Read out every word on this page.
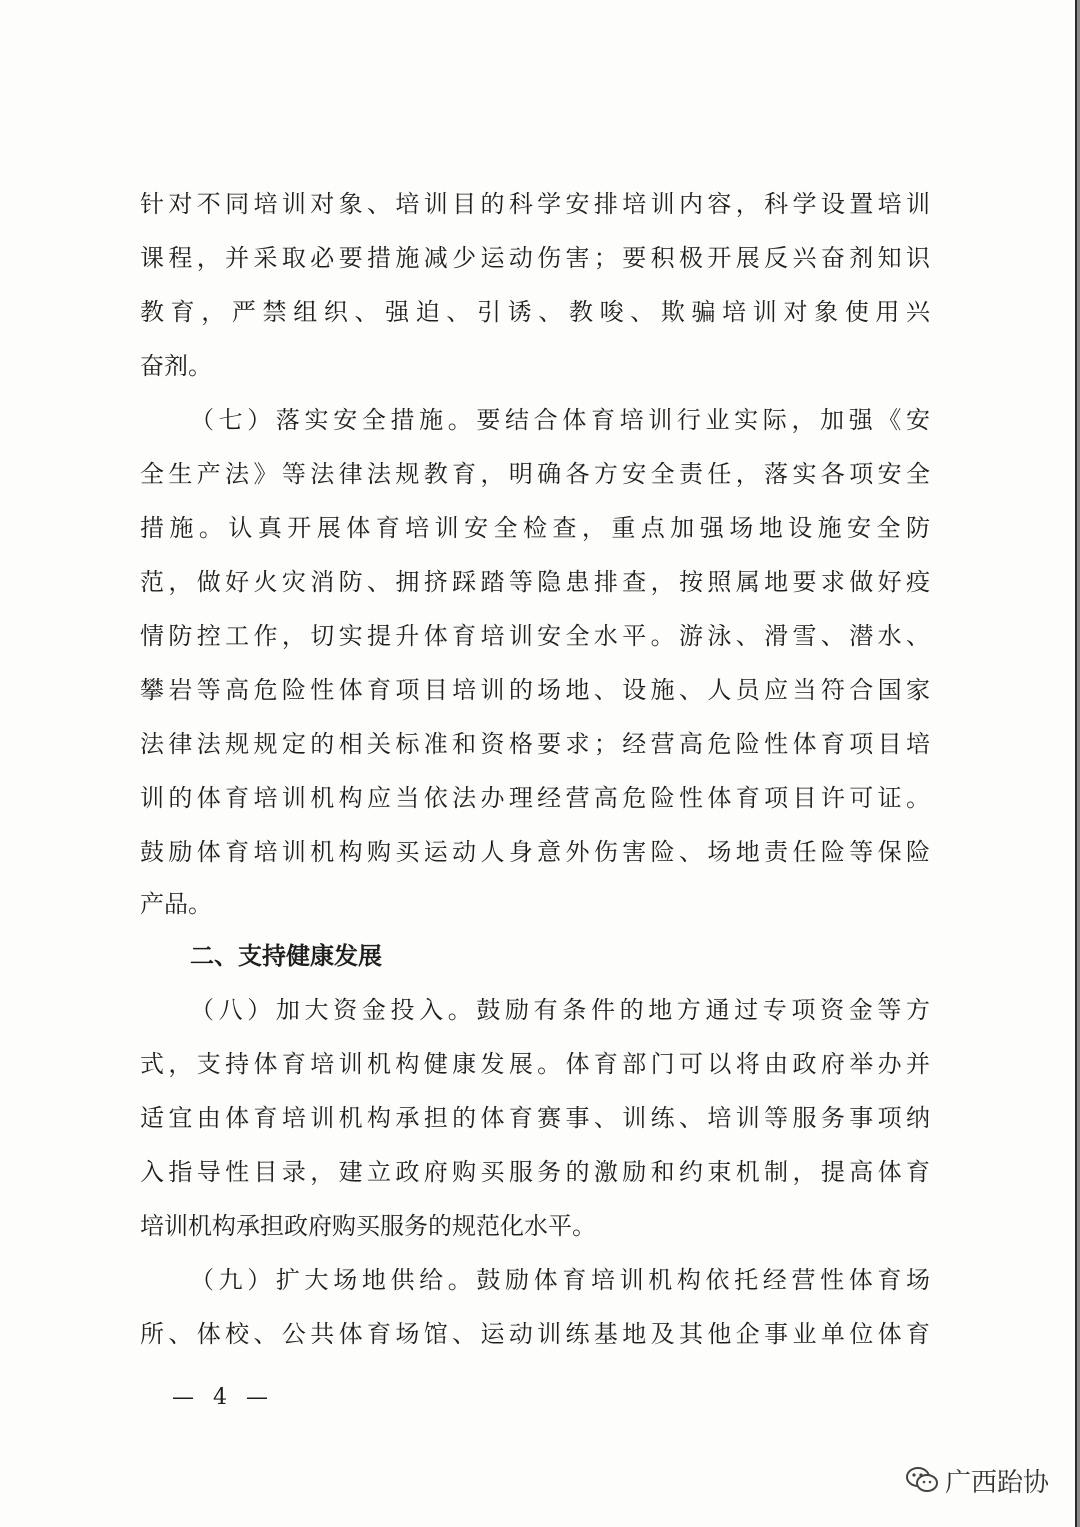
针对不同培训对象、培训目的科学安排培训内容，科学设置培训
课程，并采取必要措施减少运动伤害；要积极开展反兴奋剂知识
教育，严禁组织、强迫、引诱、教唆、欺骗培训对象使用兴
奋剂。
（七）落实安全措施。要结合体育培训行业实际，加强《安
全生产法》等法律法规教育，明确各方安全责任，落实各项安全
措施。认真开展体育培训安全检查，重点加强场地设施安全防
范，做好火灾消防、拥挤踩踏等隐患排查，按照属地要求做好疫
情防控工作，切实提升体育培训安全水平。游泳、滑雪、潜水、
攀岩等高危险性体育项目培训的场地、设施、人员应当符合国家
法律法规规定的相关标准和资格要求；经营高危险性体育项目培
训的体育培训机构应当依法办理经营高危险性体育项目许可证。
鼓励体育培训机构购买运动人身意外伤害险、场地责任险等保险
产品。
二、支持健康发展
（八）加大资金投入。鼓励有条件的地方通过专项资金等方
式，支持体育培训机构健康发展。体育部门可以将由政府举办并
适宜由体育培训机构承担的体育赛事、训练、培训等服务事项纳
入指导性目录，建立政府购买服务的激励和约束机制，提高体育
培训机构承担政府购买服务的规范化水平。
（九）扩大场地供给。鼓励体育培训机构依托经营性体育场
所、体校、公共体育场馆、运动训练基地及其他企事业单位体育
— 4 —
广西跆协
